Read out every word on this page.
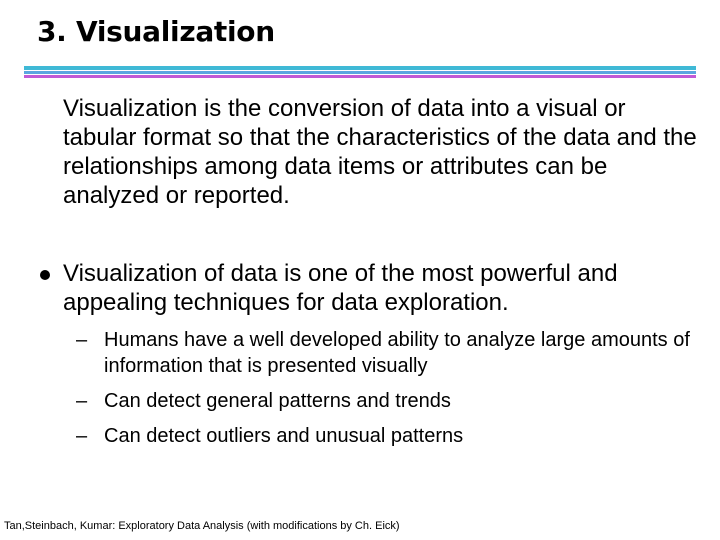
3. Visualization

Visualization is the conversion of data into a visual or tabular format so that the characteristics of the data and the relationships among data items or attributes can be analyzed or reported.

Visualization of data is one of the most powerful and appealing techniques for data exploration.

– Humans have a well developed ability to analyze large amounts of information that is presented visually

– Can detect general patterns and trends

– Can detect outliers and unusual patterns

Tan,Steinbach, Kumar: Exploratory Data Analysis (with modifications by Ch. Eick)
